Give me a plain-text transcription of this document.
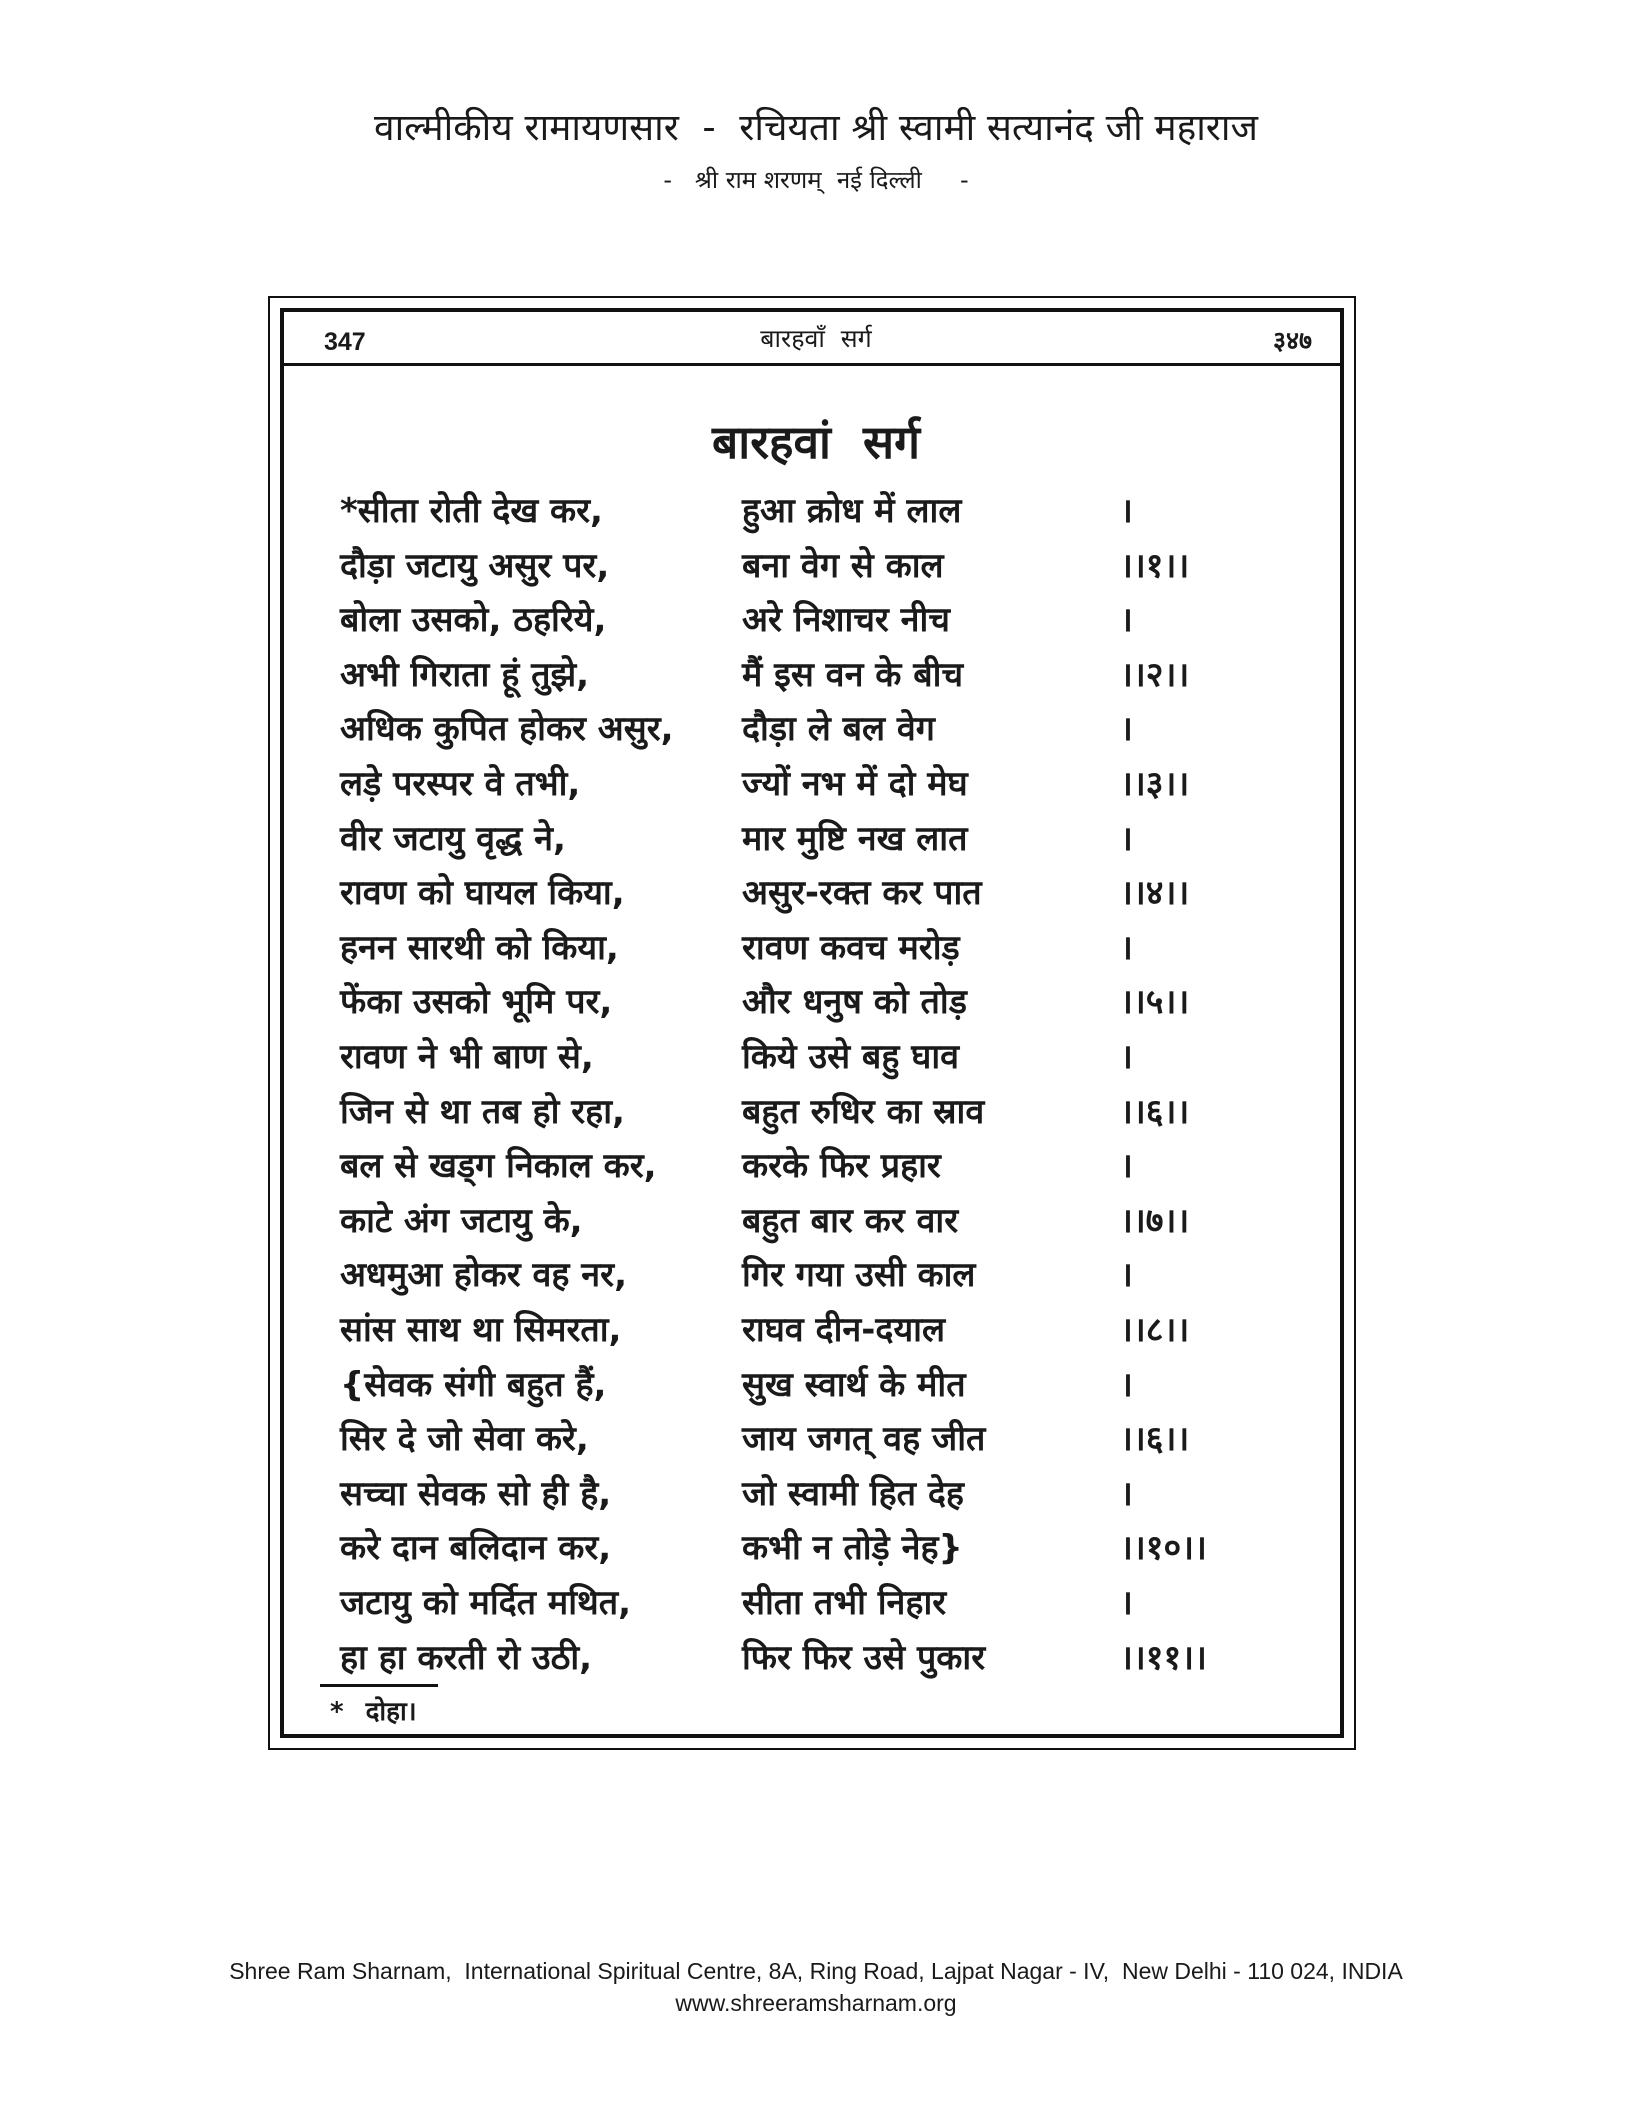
वाल्मीकीय रामायणसार  -  रचियता श्री स्वामी सत्यानंद जी महाराज
-   श्री राम शरणम्  नई दिल्ली     -
347	बारहवाँ  सर्ग	३४७
बारहवां  सर्ग
*सीता रोती देख कर,	हुआ क्रोध में लाल	।
दौड़ा जटायु असुर पर,	बना वेग से काल	।।१।।
बोला उसको, ठहरिये,	अरे निशाचर नीच	।
अभी गिराता हूं तुझे,	मैं इस वन के बीच	।।२।।
अधिक कुपित होकर असुर,	दौड़ा ले बल वेग	।
लड़े परस्पर वे तभी,	ज्यों नभ में दो मेघ	।।३।।
वीर जटायु वृद्ध ने,	मार मुष्टि नख लात	।
रावण को घायल किया,	असुर-रक्त कर पात	।।४।।
हनन सारथी को किया,	रावण कवच मरोड़	।
फेंका उसको भूमि पर,	और धनुष को तोड़	।।५।।
रावण ने भी बाण से,	किये उसे बहु घाव	।
जिन से था तब हो रहा,	बहुत रुधिर का स्राव	।।६।।
बल से खड्ग निकाल कर,	करके फिर प्रहार	।
काटे अंग जटायु के,	बहुत बार कर वार	।।७।।
अधमुआ होकर वह नर,	गिर गया उसी काल	।
सांस साथ था सिमरता,	राघव दीन-दयाल	।।८।।
{सेवक संगी बहुत हैं,	सुख स्वार्थ के मीत	।
सिर दे जो सेवा करे,	जाय जगत् वह जीत	।।६।।
सच्चा सेवक सो ही है,	जो स्वामी हित देह	।
करे दान बलिदान कर,	कभी न तोड़े नेह}	।।१०।।
जटायु को मर्दित मथित,	सीता तभी निहार	।
हा हा करती रो उठी,	फिर फिर उसे पुकार	।।११।।
* दोहा।
Shree Ram Sharnam,  International Spiritual Centre, 8A, Ring Road, Lajpat Nagar - IV,  New Delhi - 110 024, INDIA
www.shreeramsharnam.org
